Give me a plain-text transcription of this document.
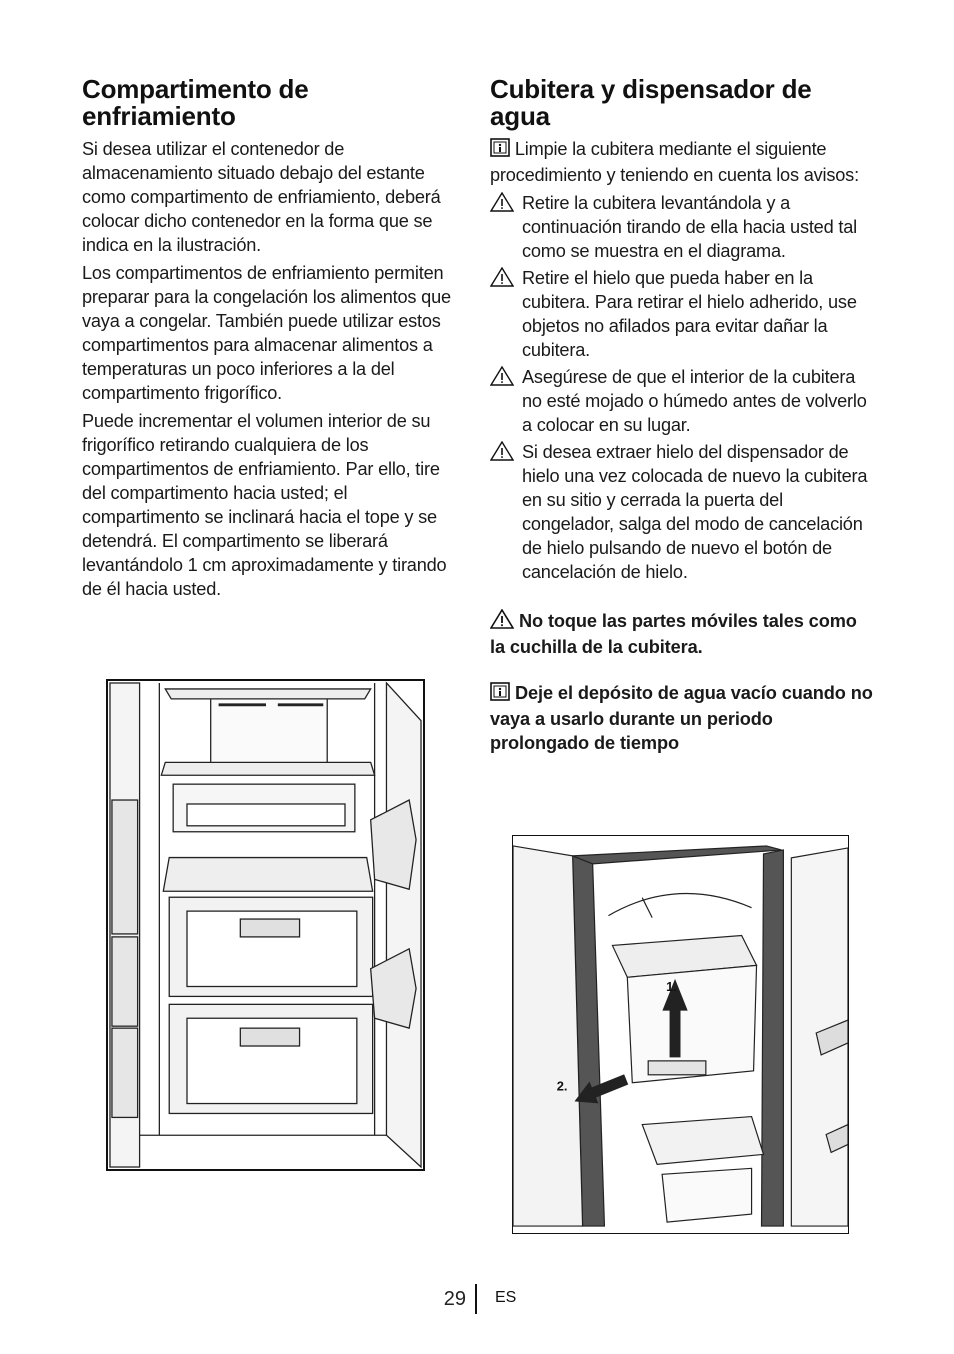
Compartimento de
enfriamiento

Si desea utilizar el contenedor de almacenamiento situado debajo del estante como compartimento de enfriamiento, deberá colocar dicho contenedor en la forma que se indica en la ilustración.

Los compartimentos de enfriamiento permiten preparar para la congelación los alimentos que vaya a congelar. También puede utilizar estos compartimentos para almacenar alimentos a temperaturas un poco inferiores a la del compartimento frigorífico.

Puede incrementar el volumen interior de su frigorífico retirando cualquiera de los compartimentos de enfriamiento. Par ello, tire del compartimento hacia usted; el compartimento se inclinará hacia el tope y se detendrá. El compartimento se liberará levantándolo 1 cm aproximadamente y tirando de él hacia usted.

Cubitera y dispensador de
agua

Limpie la cubitera mediante el siguiente procedimiento y teniendo en cuenta los avisos:

Retire la cubitera levantándola y a continuación tirando de ella hacia usted tal como se muestra en el diagrama.
Retire el hielo que pueda haber en la cubitera. Para retirar el hielo adherido, use objetos no afilados para evitar dañar la cubitera.
Asegúrese de que el interior de la cubitera no esté mojado o húmedo antes de volverlo a colocar en su lugar.
Si desea extraer hielo del dispensador de hielo una vez colocada de nuevo la cubitera en su sitio y cerrada la puerta del congelador, salga del modo de cancelación de hielo pulsando de nuevo el botón de cancelación de hielo.

No toque las partes móviles tales como la cuchilla de la cubitera.

Deje el depósito de agua vacío cuando no vaya a usarlo durante un periodo prolongado de tiempo

1.
2.
29 ES
